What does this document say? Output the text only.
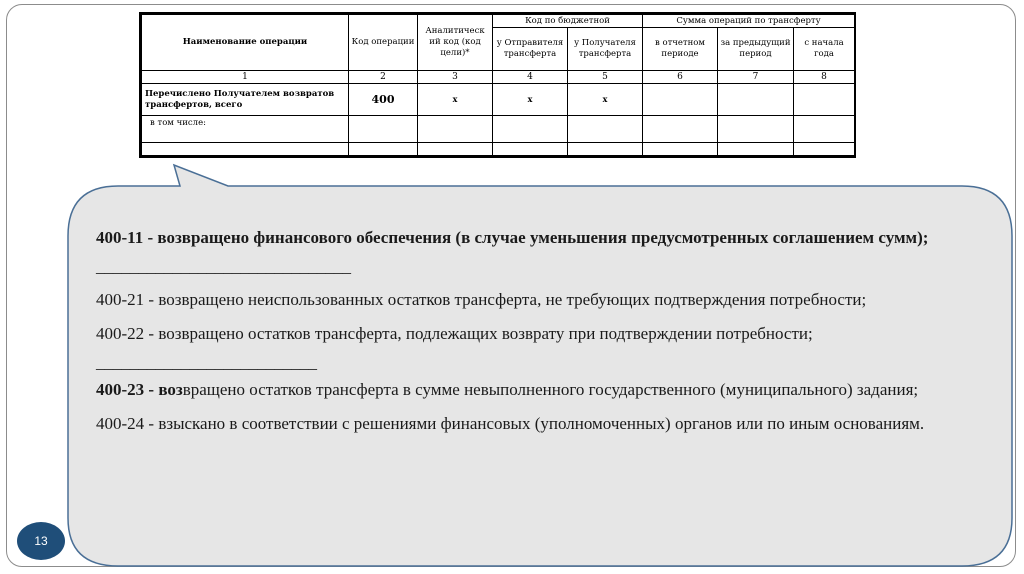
Наименование операции	Код операции	Аналитическ ий код (код цели)*	Код по бюджетной		Сумма операций по трансферту		
			у Отправителя трансферта	у Получателя трансферта	в отчетном периоде	за предыдущий период	с начала года
1	2	3	4	5	6	7	8
Перечислено Получателем возвратов трансфертов, всего	400	x	x	x			
в том числе:							

400-11 - возвращено финансового обеспечения (в случае уменьшения предусмотренных соглашением сумм);

______________________________

400-21 - возвращено неиспользованных остатков трансферта, не требующих подтверждения потребности;

400-22 - возвращено остатков трансферта, подлежащих возврату при подтверждении потребности;

__________________________

400-23 - возвращено остатков трансферта в сумме невыполненного государственного (муниципального) задания;

400-24 - взыскано в соответствии с решениями финансовых (уполномоченных) органов или по иным основаниям.

13
